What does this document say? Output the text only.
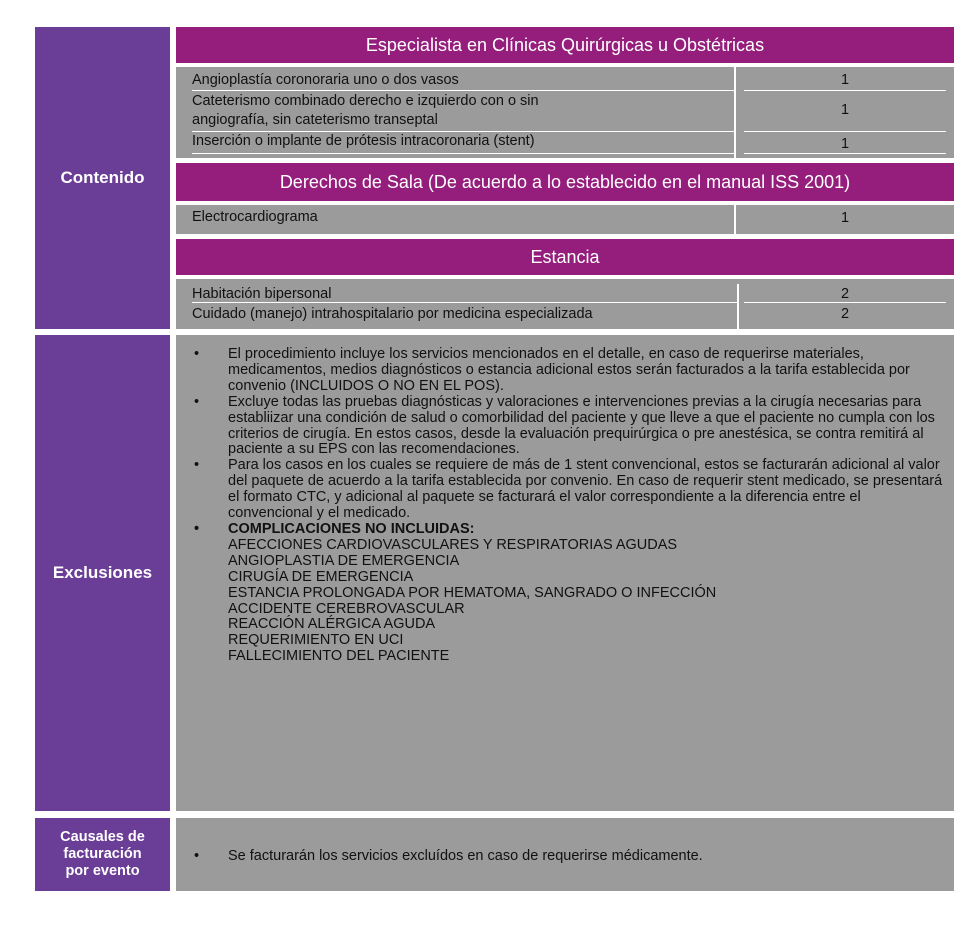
Contenido
Especialista en Clínicas Quirúrgicas u Obstétricas
Angioplastía coronoraria uno o dos vasos	1
Cateterismo combinado derecho e izquierdo con o sin
angiografía, sin cateterismo transeptal
1
Inserción o implante de prótesis intracoronaria (stent)	1
Derechos de Sala (De acuerdo a lo establecido en el manual ISS 2001)
Electrocardiograma	1
Estancia
Habitación bipersonal	2
Cuidado (manejo) intrahospitalario por medicina especializada	2
Exclusiones
• El procedimiento incluye los servicios mencionados en el detalle, en caso de requerirse materiales, medicamentos, medios diagnósticos o estancia adicional estos serán facturados a la tarifa establecida por convenio (INCLUIDOS O NO EN EL POS).
• Excluye todas las pruebas diagnósticas y valoraciones e intervenciones previas a la cirugía necesarias para establiizar una condición de salud o comorbilidad del paciente y que lleve a que el paciente no cumpla con los criterios de cirugía. En estos casos, desde la evaluación prequirúrgica o pre anestésica, se contra remitirá al paciente a su EPS con las recomendaciones.
• Para los casos en los cuales se requiere de más de 1 stent convencional, estos se facturarán adicional al valor del paquete de acuerdo a la tarifa establecida por convenio. En caso de requerir stent medicado, se presentará el formato CTC, y adicional al paquete se facturará el valor correspondiente a la diferencia entre el convencional y el medicado.
• COMPLICACIONES NO INCLUIDAS:
AFECCIONES CARDIOVASCULARES Y RESPIRATORIAS AGUDAS
ANGIOPLASTIA DE EMERGENCIA
CIRUGÍA DE EMERGENCIA
ESTANCIA PROLONGADA POR HEMATOMA, SANGRADO O INFECCIÓN
ACCIDENTE CEREBROVASCULAR
REACCIÓN ALÉRGICA AGUDA
REQUERIMIENTO EN UCI
FALLECIMIENTO DEL PACIENTE
Causales de
facturación
por evento
• Se facturarán los servicios excluídos en caso de requerirse médicamente.
